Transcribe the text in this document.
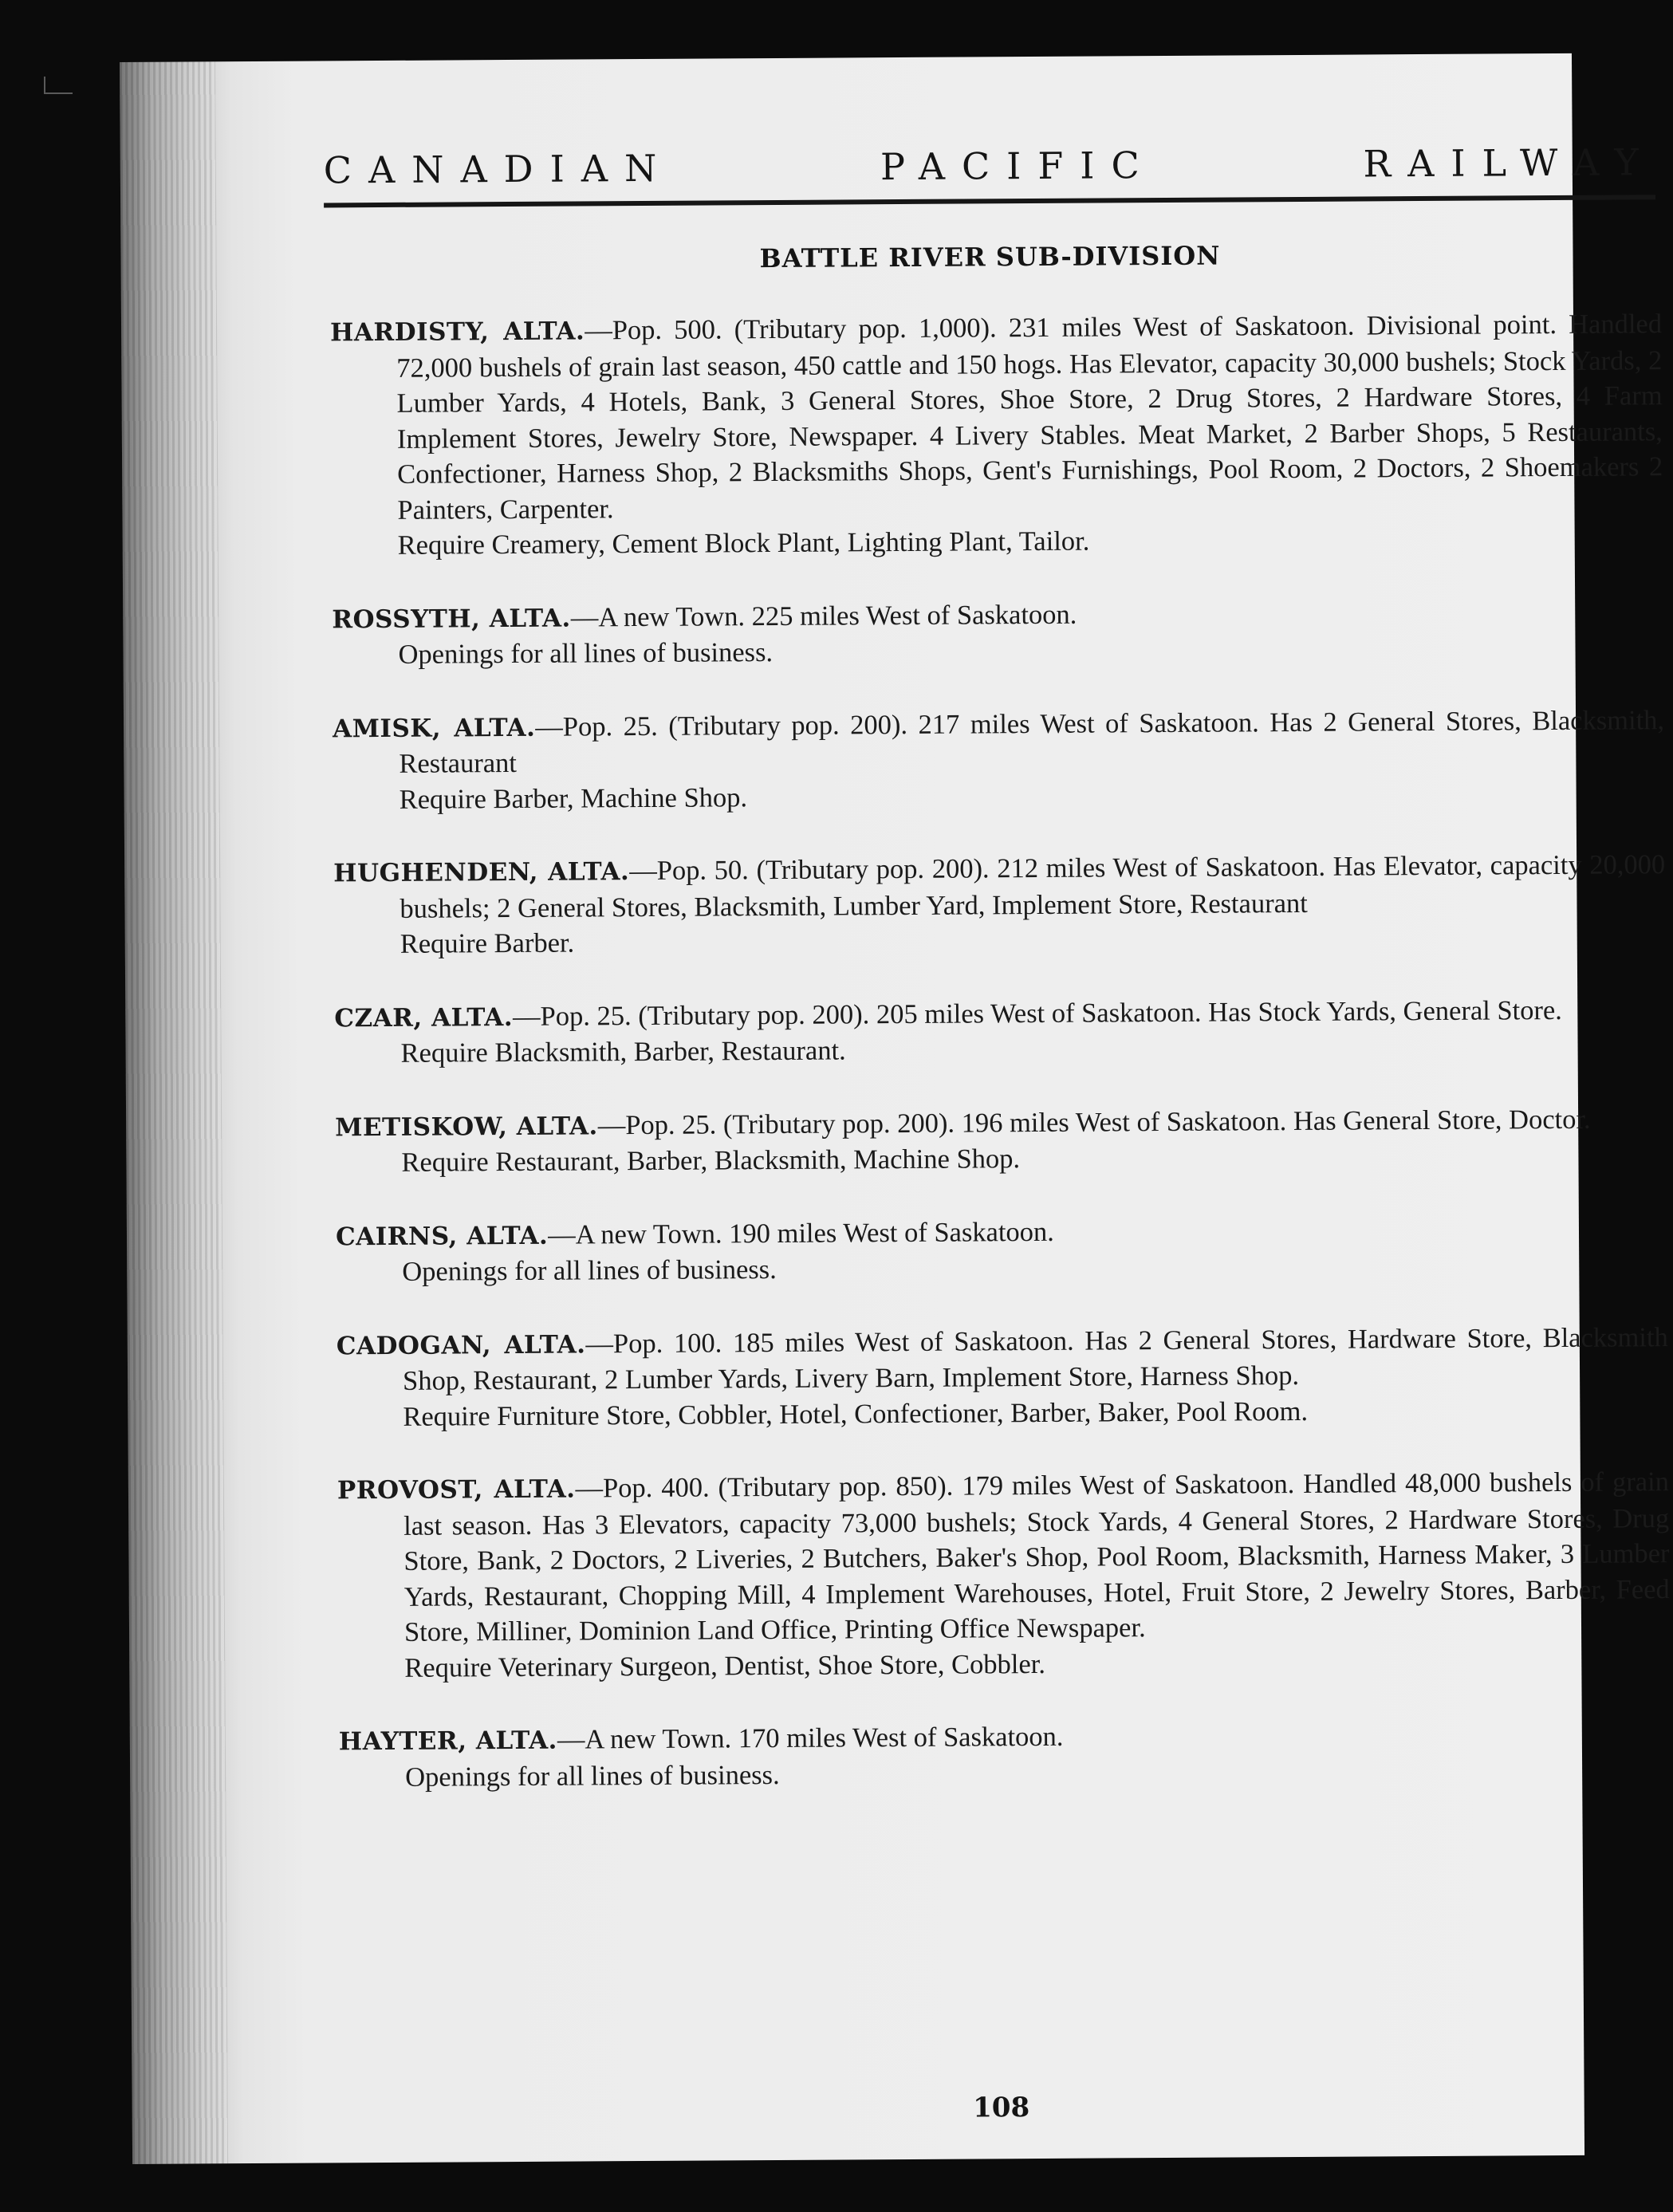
CANADIAN	PACIFIC	RAILWAY
BATTLE RIVER SUB-DIVISION

HARDISTY, ALTA.—Pop. 500. (Tributary pop. 1,000). 231 miles West of Saskatoon. Divisional point. Handled 72,000 bushels of grain last season, 450 cattle and 150 hogs. Has Elevator, capacity 30,000 bushels; Stock Yards, 2 Lumber Yards, 4 Hotels, Bank, 3 General Stores, Shoe Store, 2 Drug Stores, 2 Hardware Stores, 4 Farm Implement Stores, Jewelry Store, Newspaper. 4 Livery Stables. Meat Market, 2 Barber Shops, 5 Restaurants, Confectioner, Harness Shop, 2 Blacksmiths Shops, Gent's Furnishings, Pool Room, 2 Doctors, 2 Shoemakers 2 Painters, Carpenter.

Require Creamery, Cement Block Plant, Lighting Plant, Tailor.

ROSSYTH, ALTA.—A new Town. 225 miles West of Saskatoon.

Openings for all lines of business.

AMISK, ALTA.—Pop. 25. (Tributary pop. 200). 217 miles West of Saskatoon. Has 2 General Stores, Blacksmith, Restaurant

Require Barber, Machine Shop.

HUGHENDEN, ALTA.—Pop. 50. (Tributary pop. 200). 212 miles West of Saskatoon. Has Elevator, capacity 20,000 bushels; 2 General Stores, Blacksmith, Lumber Yard, Implement Store, Restaurant

Require Barber.

CZAR, ALTA.—Pop. 25. (Tributary pop. 200). 205 miles West of Saskatoon. Has Stock Yards, General Store.

Require Blacksmith, Barber, Restaurant.

METISKOW, ALTA.—Pop. 25. (Tributary pop. 200). 196 miles West of Saskatoon. Has General Store, Doctor.

Require Restaurant, Barber, Blacksmith, Machine Shop.

CAIRNS, ALTA.—A new Town. 190 miles West of Saskatoon.

Openings for all lines of business.

CADOGAN, ALTA.—Pop. 100. 185 miles West of Saskatoon. Has 2 General Stores, Hardware Store, Blacksmith Shop, Restaurant, 2 Lumber Yards, Livery Barn, Implement Store, Harness Shop.

Require Furniture Store, Cobbler, Hotel, Confectioner, Barber, Baker, Pool Room.

PROVOST, ALTA.—Pop. 400. (Tributary pop. 850). 179 miles West of Saskatoon. Handled 48,000 bushels of grain last season. Has 3 Elevators, capacity 73,000 bushels; Stock Yards, 4 General Stores, 2 Hardware Stores, Drug Store, Bank, 2 Doctors, 2 Liveries, 2 Butchers, Baker's Shop, Pool Room, Blacksmith, Harness Maker, 3 Lumber Yards, Restaurant, Chopping Mill, 4 Implement Warehouses, Hotel, Fruit Store, 2 Jewelry Stores, Barber, Feed Store, Milliner, Dominion Land Office, Printing Office Newspaper.

Require Veterinary Surgeon, Dentist, Shoe Store, Cobbler.

HAYTER, ALTA.—A new Town. 170 miles West of Saskatoon.

Openings for all lines of business.

108
